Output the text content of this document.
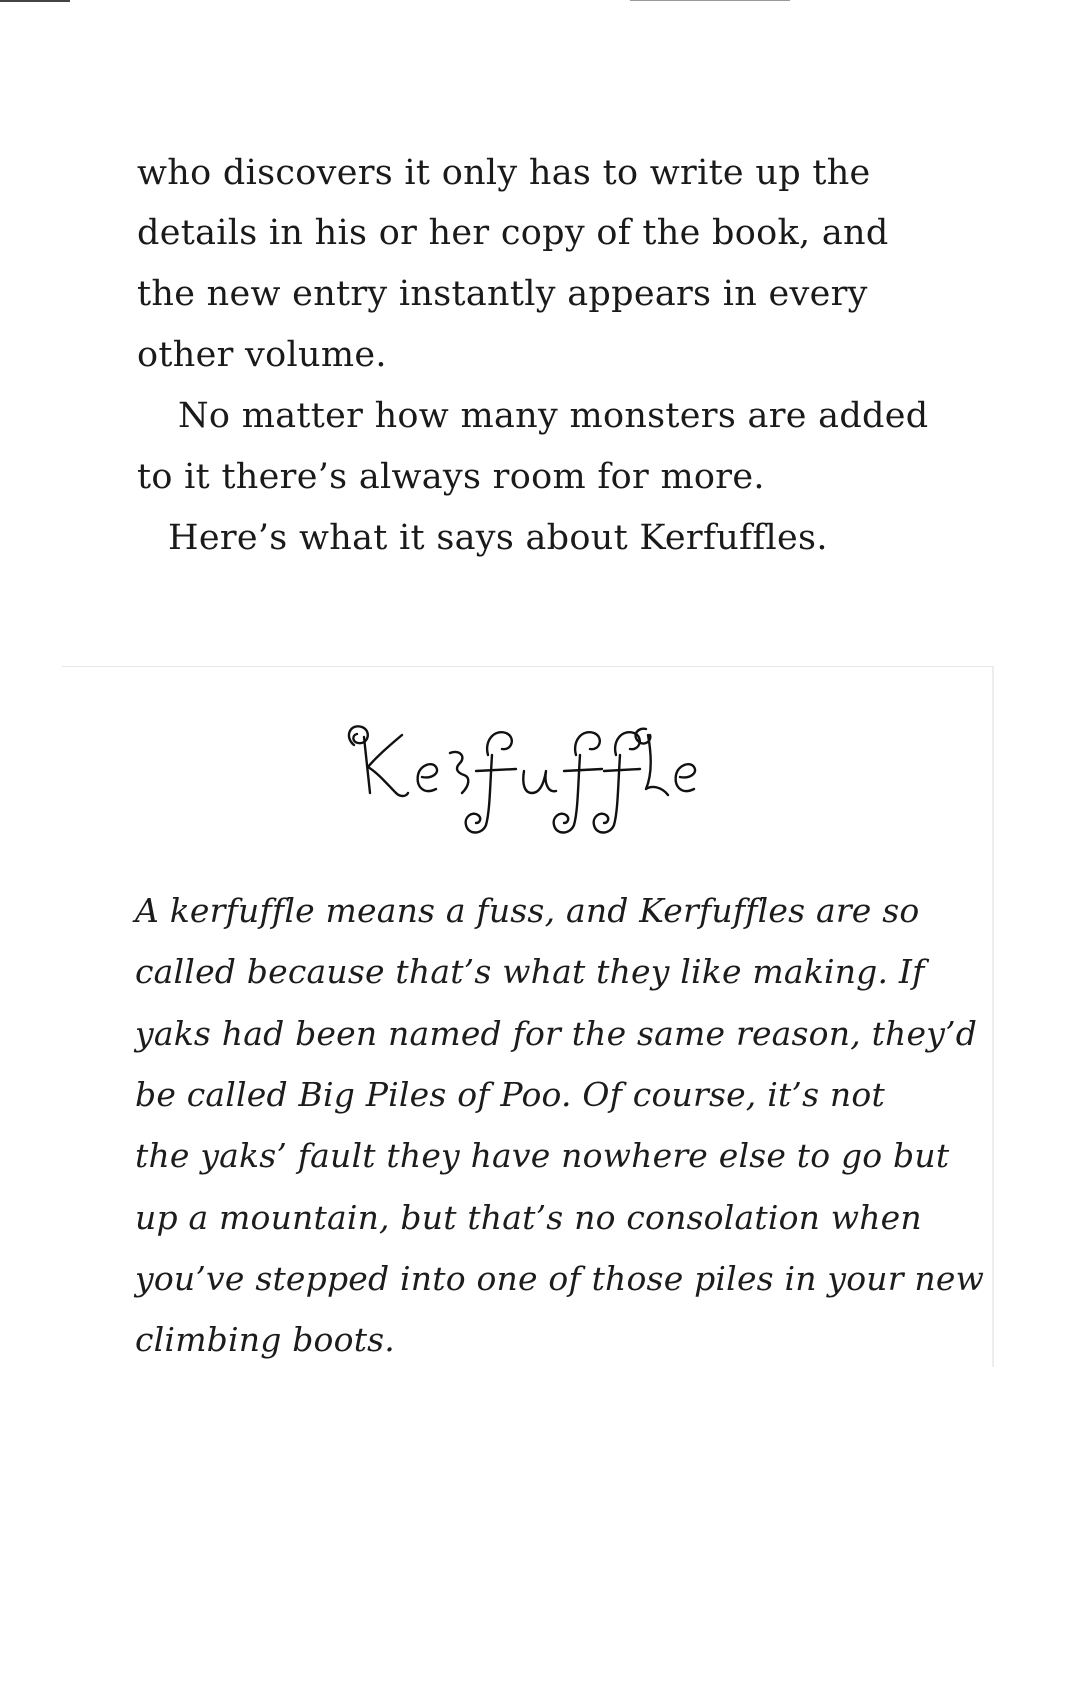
who discovers it only has to write up the
details in his or her copy of the book, and
the new entry instantly appears in every
other volume.
No matter how many monsters are added
to it there’s always room for more.
Here’s what it says about Kerfuffles.
Kerfuffle
A kerfuffle means a fuss, and Kerfuffles are so
called because that’s what they like making. If
yaks had been named for the same reason, they’d
be called Big Piles of Poo. Of course, it’s not
the yaks’ fault they have nowhere else to go but
up a mountain, but that’s no consolation when
you’ve stepped into one of those piles in your new
climbing boots.
